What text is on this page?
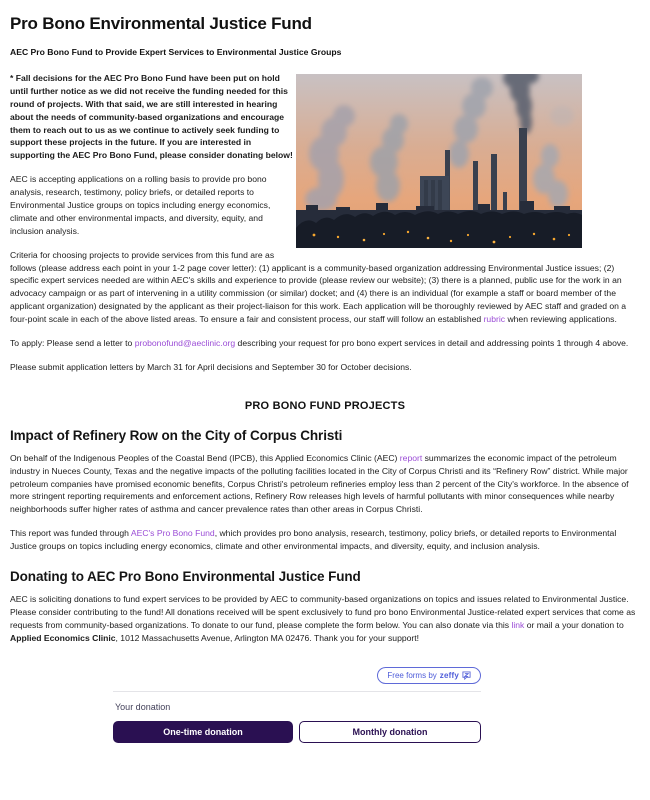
Pro Bono Environmental Justice Fund

AEC Pro Bono Fund to Provide Expert Services to Environmental Justice Groups

* Fall decisions for the AEC Pro Bono Fund have been put on hold until further notice as we did not receive the funding needed for this round of projects. With that said, we are still interested in hearing about the needs of community-based organizations and encourage them to reach out to us as we continue to actively seek funding to support these projects in the future. If you are interested in supporting the AEC Pro Bono Fund, please consider donating below!

AEC is accepting applications on a rolling basis to provide pro bono analysis, research, testimony, policy briefs, or detailed reports to Environmental Justice groups on topics including energy economics, climate and other environmental impacts, and diversity, equity, and inclusion analysis.

Criteria for choosing projects to provide services from this fund are as follows (please address each point in your 1-2 page cover letter): (1) applicant is a community-based organization addressing Environmental Justice issues; (2) specific expert services needed are within AEC's skills and experience to provide (please review our website); (3) there is a planned, public use for the work in an advocacy campaign or as part of intervening in a utility commission (or similar) docket; and (4) there is an individual (for example a staff or board member of the applicant organization) designated by the applicant as their project-liaison for this work. Each application will be thoroughly reviewed by AEC staff and graded on a four-point scale in each of the above listed areas. To ensure a fair and consistent process, our staff will follow an established rubric when reviewing applications.

To apply: Please send a letter to probonofund@aeclinic.org describing your request for pro bono expert services in detail and addressing points 1 through 4 above.

Please submit application letters by March 31 for April decisions and September 30 for October decisions.

PRO BONO FUND PROJECTS
Impact of Refinery Row on the City of Corpus Christi

On behalf of the Indigenous Peoples of the Coastal Bend (IPCB), this Applied Economics Clinic (AEC) report summarizes the economic impact of the petroleum industry in Nueces County, Texas and the negative impacts of the polluting facilities located in the City of Corpus Christi and its “Refinery Row” district. While major petroleum companies have promised economic benefits, Corpus Christi's petroleum refineries employ less than 2 percent of the City's workforce. In the absence of more stringent reporting requirements and enforcement actions, Refinery Row releases high levels of harmful pollutants with minor consequences while nearby neighborhoods suffer higher rates of asthma and cancer prevalence rates than other areas in Corpus Christi.

This report was funded through AEC's Pro Bono Fund, which provides pro bono analysis, research, testimony, policy briefs, or detailed reports to Environmental Justice groups on topics including energy economics, climate and other environmental impacts, and diversity, equity, and inclusion analysis.

Donating to AEC Pro Bono Environmental Justice Fund

AEC is soliciting donations to fund expert services to be provided by AEC to community-based organizations on topics and issues related to Environmental Justice. Please consider contributing to the fund! All donations received will be spent exclusively to fund pro bono Environmental Justice-related expert services that come as requests from community-based organizations. To donate to our fund, please complete the form below. You can also donate via this link or mail a your donation to Applied Economics Clinic, 1012 Massachusetts Avenue, Arlington MA 02476. Thank you for your support!

Free forms by zeffy
Your donation
One-time donation	Monthly donation
